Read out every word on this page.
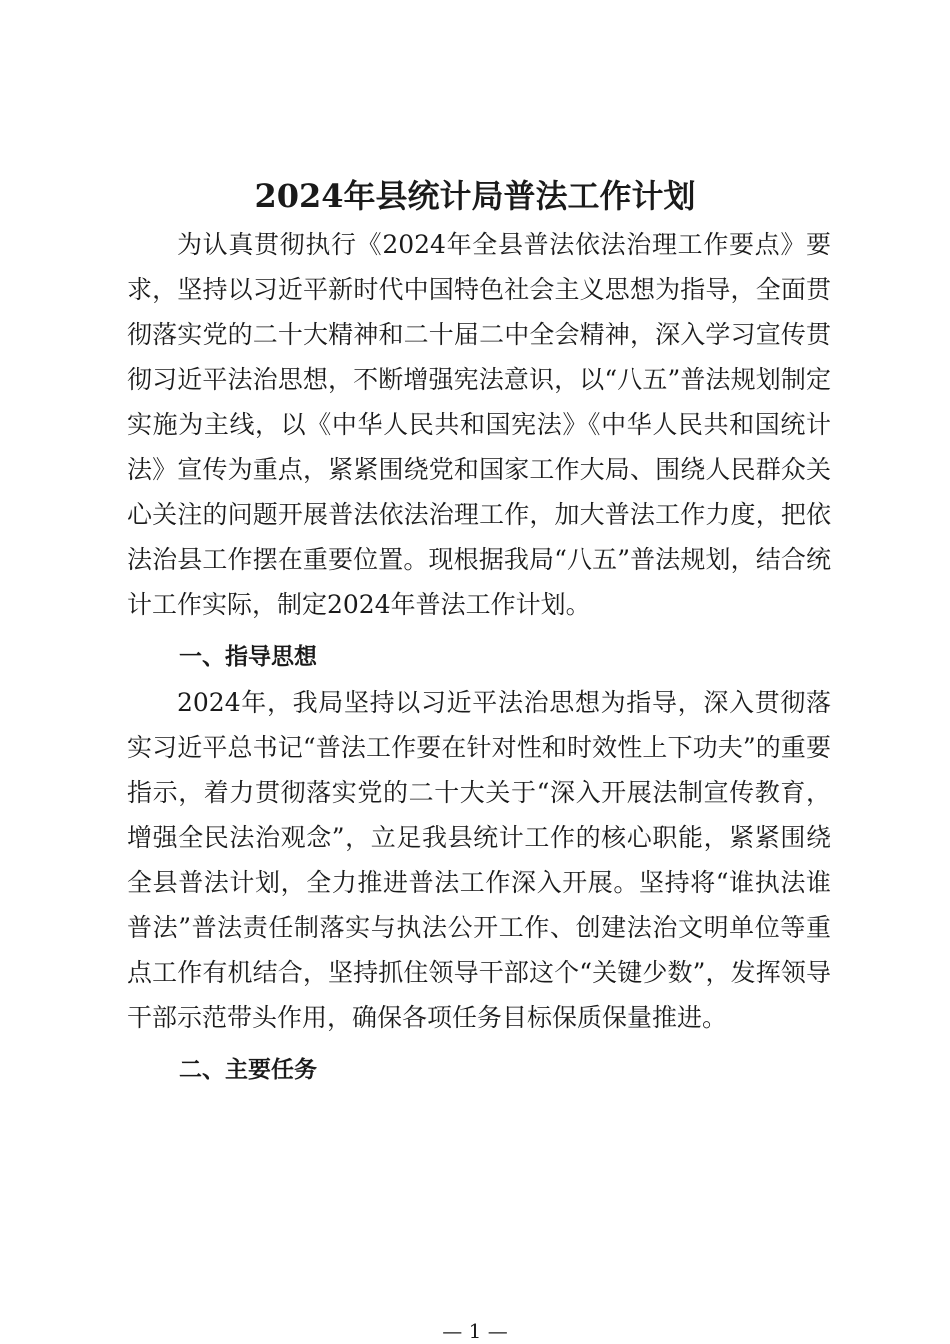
2024年县统计局普法工作计划

为认真贯彻执行《2024年全县普法依法治理工作要点》要求，坚持以习近平新时代中国特色社会主义思想为指导，全面贯彻落实党的二十大精神和二十届二中全会精神，深入学习宣传贯彻习近平法治思想，不断增强宪法意识，以“八五”普法规划制定实施为主线，以《中华人民共和国宪法》《中华人民共和国统计法》宣传为重点，紧紧围绕党和国家工作大局、围绕人民群众关心关注的问题开展普法依法治理工作，加大普法工作力度，把依法治县工作摆在重要位置。现根据我局“八五”普法规划，结合统计工作实际，制定2024年普法工作计划。

一、指导思想

2024年，我局坚持以习近平法治思想为指导，深入贯彻落实习近平总书记“普法工作要在针对性和时效性上下功夫”的重要指示，着力贯彻落实党的二十大关于“深入开展法制宣传教育，增强全民法治观念”，立足我县统计工作的核心职能，紧紧围绕全县普法计划，全力推进普法工作深入开展。坚持将“谁执法谁普法”普法责任制落实与执法公开工作、创建法治文明单位等重点工作有机结合，坚持抓住领导干部这个“关键少数”，发挥领导干部示范带头作用，确保各项任务目标保质保量推进。

二、主要任务
— 1 —
